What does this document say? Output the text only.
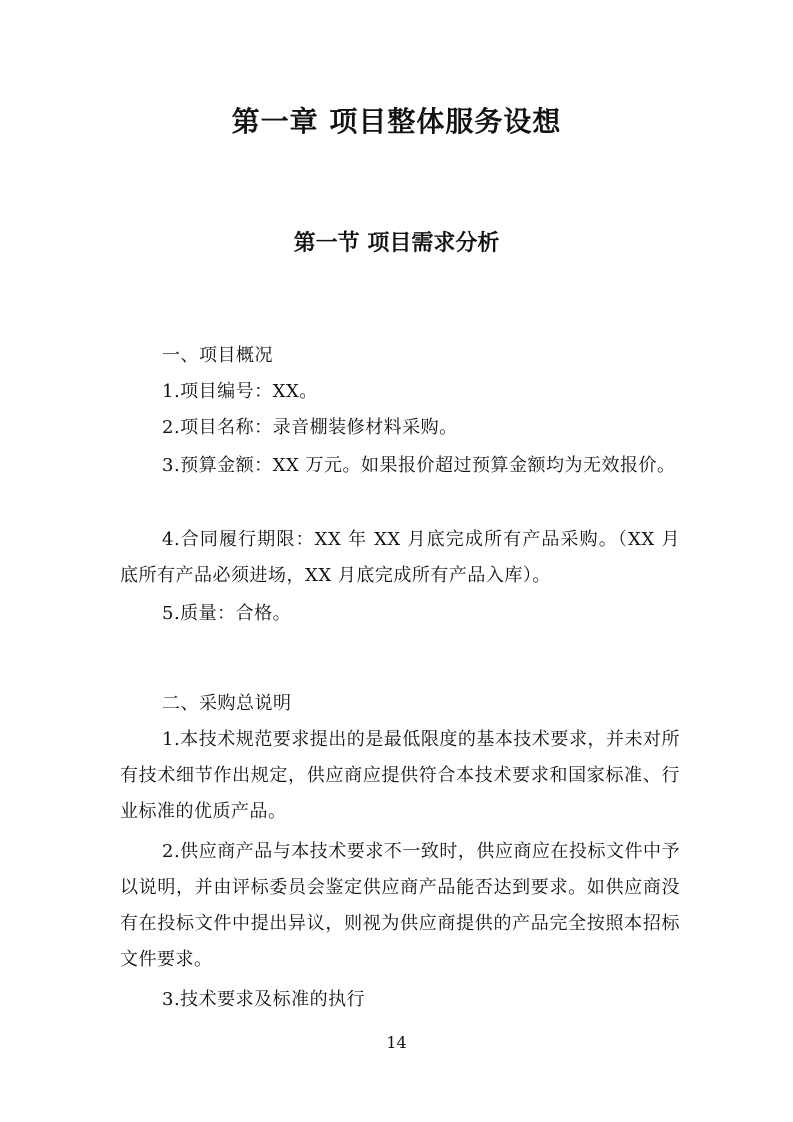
第一章 项目整体服务设想
第一节 项目需求分析

一、项目概况

1.项目编号：XX。

2.项目名称：录音棚装修材料采购。

3.预算金额：XX 万元。如果报价超过预算金额均为无效报价。

4.合同履行期限：XX 年 XX 月底完成所有产品采购。（XX 月底所有产品必须进场，XX 月底完成所有产品入库）。

5.质量：合格。

二、采购总说明

1.本技术规范要求提出的是最低限度的基本技术要求，并未对所有技术细节作出规定，供应商应提供符合本技术要求和国家标准、行业标准的优质产品。

2.供应商产品与本技术要求不一致时，供应商应在投标文件中予以说明，并由评标委员会鉴定供应商产品能否达到要求。如供应商没有在投标文件中提出异议，则视为供应商提供的产品完全按照本招标文件要求。

3.技术要求及标准的执行

14
